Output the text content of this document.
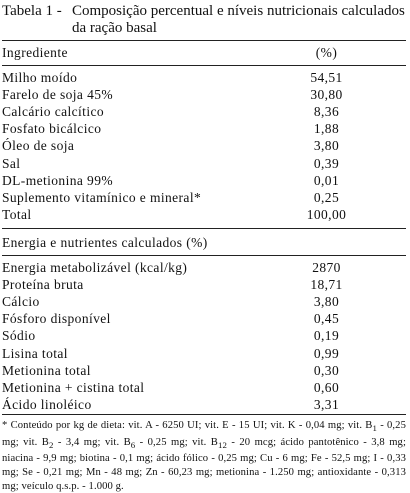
Tabela 1 - Composição percentual e níveis nutricionais calculados da ração basal
Ingrediente	(%)
Milho moído	54,51
Farelo de soja 45%	30,80
Calcário calcítico	8,36
Fosfato bicálcico	1,88
Óleo de soja	3,80
Sal	0,39
DL-metionina 99%	0,01
Suplemento vitamínico e mineral*	0,25
Total	100,00
Energia e nutrientes calculados (%)
Energia metabolizável (kcal/kg)	2870
Proteína bruta	18,71
Cálcio	3,80
Fósforo disponível	0,45
Sódio	0,19
Lisina total	0,99
Metionina total	0,30
Metionina + cistina total	0,60
Ácido linoléico	3,31
* Conteúdo por kg de dieta: vit. A - 6250 UI; vit. E - 15 UI; vit. K - 0,04 mg; vit. $B_1 - 0,25$ mg; vit. $B_2 - 3,4$ mg; vit. $B_6 - 0,25$ mg; vit. $B_{12} - 20$ mcg; ácido pantotênico - 3,8 mg; niacina - 9,9 mg; biotina - 0,1 mg; ácido fólico - 0,25 mg; Cu - 6 mg; Fe - 52,5 mg; I - 0,33 mg; Se - 0,21 mg; Mn - 48 mg; Zn - 60,23 mg; metionina - 1.250 mg; antioxidante - 0,313 mg; veículo q.s.p. - 1.000 g.
